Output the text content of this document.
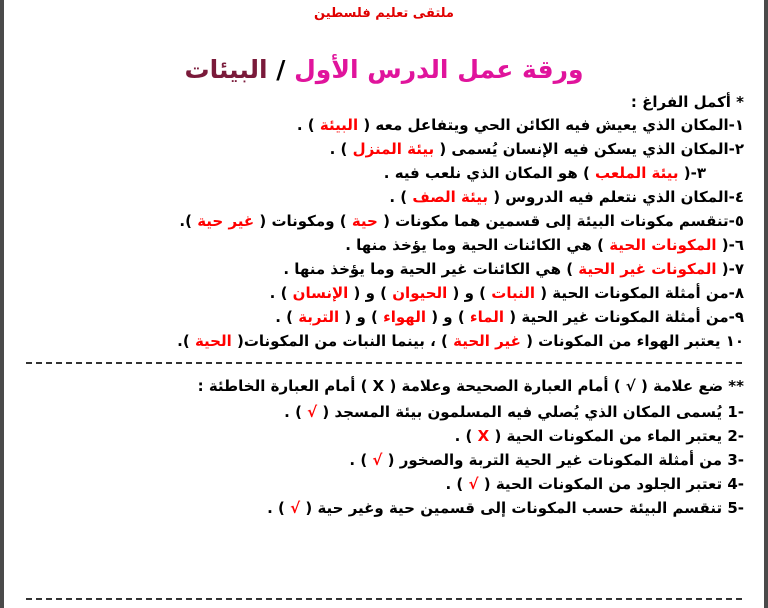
ملتقى تعليم فلسطين
ورقة عمل الدرس الأول / البيئات
* أكمل الفراغ :
١-المكان الذي يعيش فيه الكائن الحي ويتفاعل معه ( البيئة ) .
٢-المكان الذي يسكن فيه الإنسان يُسمى ( بيئة المنزل ) .
٣-( بيئة الملعب ) هو المكان الذي نلعب فيه .
٤-المكان الذي نتعلم فيه الدروس ( بيئة الصف ) .
٥-تنقسم مكونات البيئة إلى قسمين هما مكونات ( حية ) ومكونات ( غير حية ).
٦-( المكونات الحية ) هي الكائنات الحية وما يؤخذ منها .
٧-( المكونات غير الحية ) هي الكائنات غير الحية وما يؤخذ منها .
٨-من أمثلة المكونات الحية ( النبات ) و ( الحيوان ) و ( الإنسان ) .
٩-من أمثلة المكونات غير الحية ( الماء ) و ( الهواء ) و ( التربة ) .
١٠ يعتبر الهواء من المكونات ( غير الحية ) ، بينما النبات من المكونات( الحية ).
** ضع علامة ( √ ) أمام العبارة الصحيحة وعلامة ( X ) أمام العبارة الخاطئة :
-1 يُسمى المكان الذي يُصلي فيه المسلمون بيئة المسجد ( √ ) .
-2 يعتبر الماء من المكونات الحية ( X ) .
-3 من أمثلة المكونات غير الحية التربة والصخور ( √ ) .
-4 تعتبر الجلود من المكونات الحية ( √ ) .
-5 تنقسم البيئة حسب المكونات إلى قسمين حية وغير حية ( √ ) .
